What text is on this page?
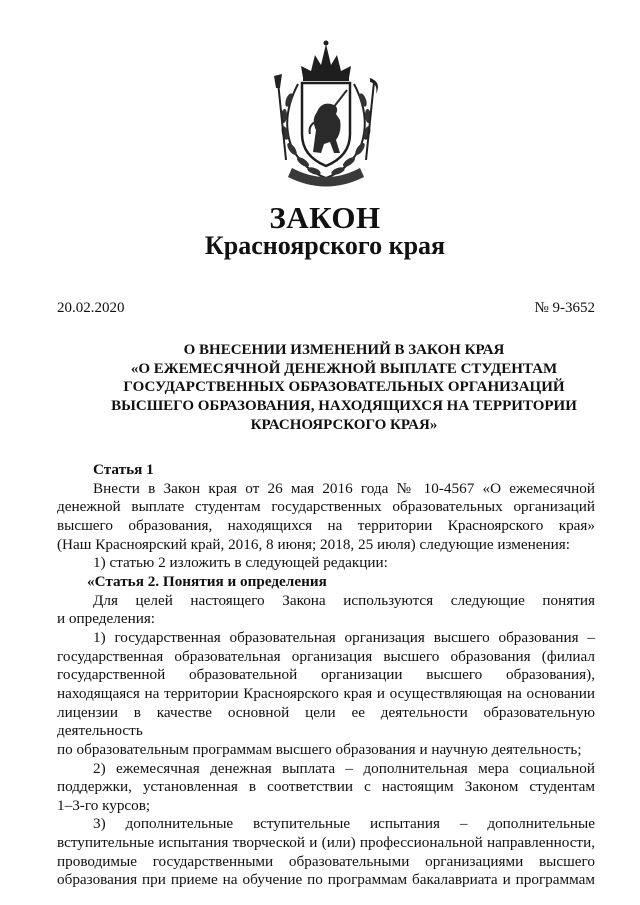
ЗАКОН
Красноярского края
20.02.2020	№ 9-3652
О ВНЕСЕНИИ ИЗМЕНЕНИЙ В ЗАКОН КРАЯ
«О ЕЖЕМЕСЯЧНОЙ ДЕНЕЖНОЙ ВЫПЛАТЕ СТУДЕНТАМ
ГОСУДАРСТВЕННЫХ ОБРАЗОВАТЕЛЬНЫХ ОРГАНИЗАЦИЙ
ВЫСШЕГО ОБРАЗОВАНИЯ, НАХОДЯЩИХСЯ НА ТЕРРИТОРИИ
КРАСНОЯРСКОГО КРАЯ»
Статья 1
Внести в Закон края от 26 мая 2016 года № 10-4567 «О ежемесячной
денежной выплате студентам государственных образовательных организаций
высшего образования, находящихся на территории Красноярского края»
(Наш Красноярский край, 2016, 8 июня; 2018, 25 июля) следующие изменения:
1) статью 2 изложить в следующей редакции:
«Статья 2. Понятия и определения
Для целей настоящего Закона используются следующие понятия
и определения:
1) государственная образовательная организация высшего образования –
государственная образовательная организация высшего образования (филиал
государственной образовательной организации высшего образования),
находящаяся на территории Красноярского края и осуществляющая на основании
лицензии в качестве основной цели ее деятельности образовательную деятельность
по образовательным программам высшего образования и научную деятельность;
2) ежемесячная денежная выплата – дополнительная мера социальной
поддержки, установленная в соответствии с настоящим Законом студентам
1–3-го курсов;
3) дополнительные вступительные испытания – дополнительные
вступительные испытания творческой и (или) профессиональной направленности,
проводимые государственными образовательными организациями высшего
образования при приеме на обучение по программам бакалавриата и программам
